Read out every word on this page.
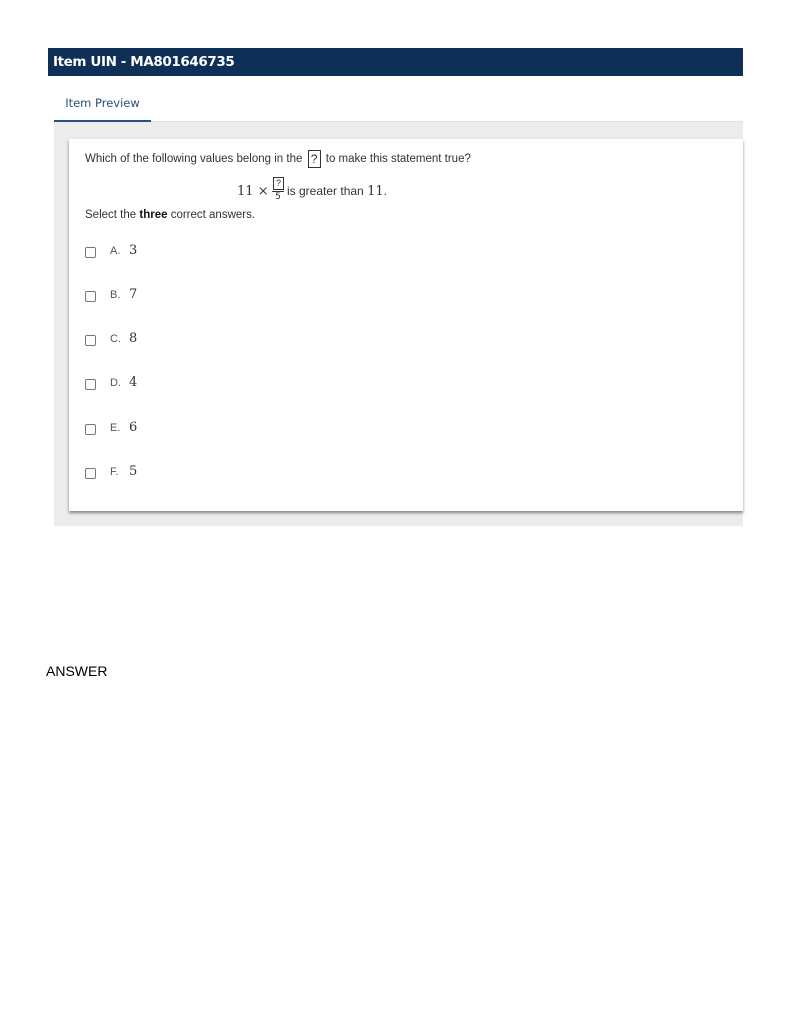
Item UIN - MA801646735
Item Preview
Which of the following values belong in the ? to make this statement true?
11 ×
?
5 is greater than 11.
Select the three correct answers.
A. 3
B. 7
C. 8
D. 4
E. 6
F. 5
ANSWER
